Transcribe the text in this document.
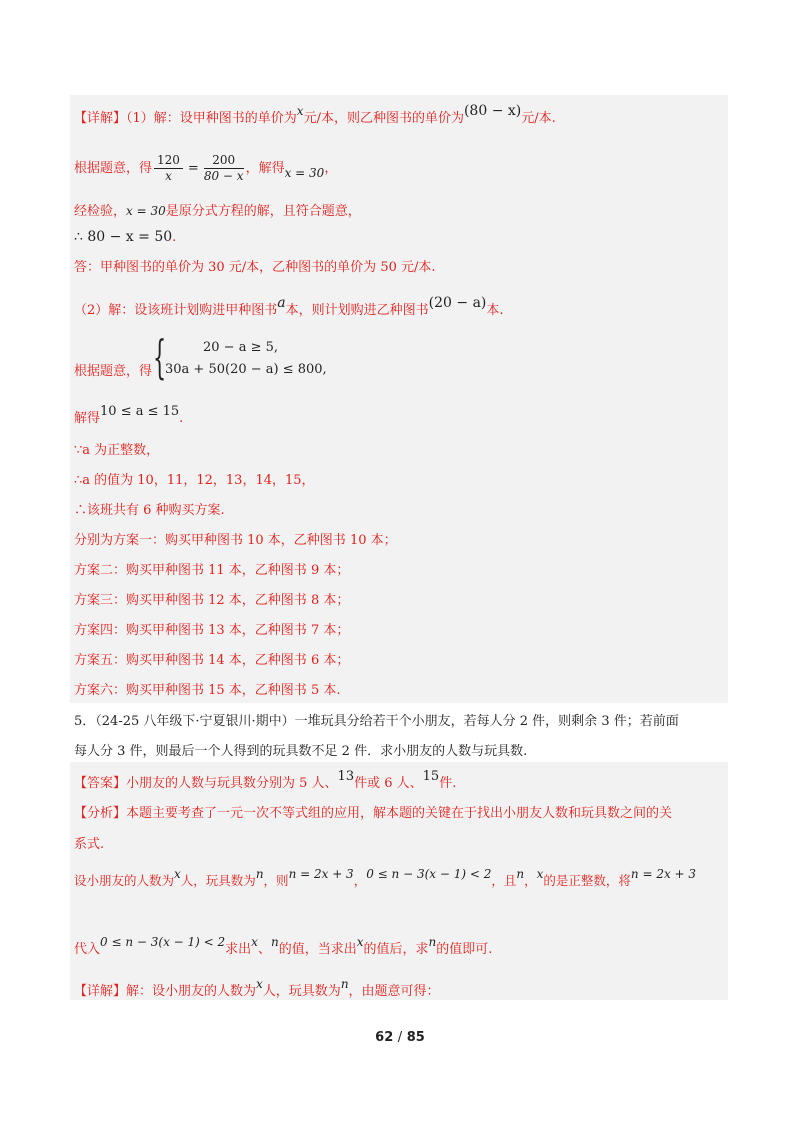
【详解】（1）解：设甲种图书的单价为x元/本，则乙种图书的单价为(80 − x)元/本.
根据题意，得 $\frac{120}{x} = \frac{200}{80 - x}$ ，解得x = 30，
经检验，x = 30是原分式方程的解，且符合题意，
∴ 80 − x = 50.
答：甲种图书的单价为 30 元/本，乙种图书的单价为 50 元/本.
（2）解：设该班计划购进甲种图书a本，则计划购进乙种图书(20 − a)本.
根据题意，得 {	20 − a ≥ 5,
30a + 50(20 − a) ≤ 800,
解得10 ≤ a ≤ 15.
∵a 为正整数，
∴a 的值为 10，11，12，13，14，15，
∴该班共有 6 种购买方案.
分别为方案一：购买甲种图书 10 本，乙种图书 10 本；
方案二：购买甲种图书 11 本，乙种图书 9 本；
方案三：购买甲种图书 12 本，乙种图书 8 本；
方案四：购买甲种图书 13 本，乙种图书 7 本；
方案五：购买甲种图书 14 本，乙种图书 6 本；
方案六：购买甲种图书 15 本，乙种图书 5 本.
5．（24-25 八年级下·宁夏银川·期中）一堆玩具分给若干个小朋友，若每人分 2 件，则剩余 3 件；若前面
每人分 3 件，则最后一个人得到的玩具数不足 2 件．求小朋友的人数与玩具数.
【答案】小朋友的人数与玩具数分别为 5 人、13件或 6 人、15件.
【分析】本题主要考查了一元一次不等式组的应用，解本题的关键在于找出小朋友人数和玩具数之间的关
系式.
设小朋友的人数为x人，玩具数为n，则n = 2x + 3，0 ≤ n − 3(x − 1) < 2，且n，x的是正整数，将n = 2x + 3
代入0 ≤ n − 3(x − 1) < 2求出x、n的值，当求出x的值后，求n的值即可.
【详解】解：设小朋友的人数为x人，玩具数为n，由题意可得：
62 / 85
